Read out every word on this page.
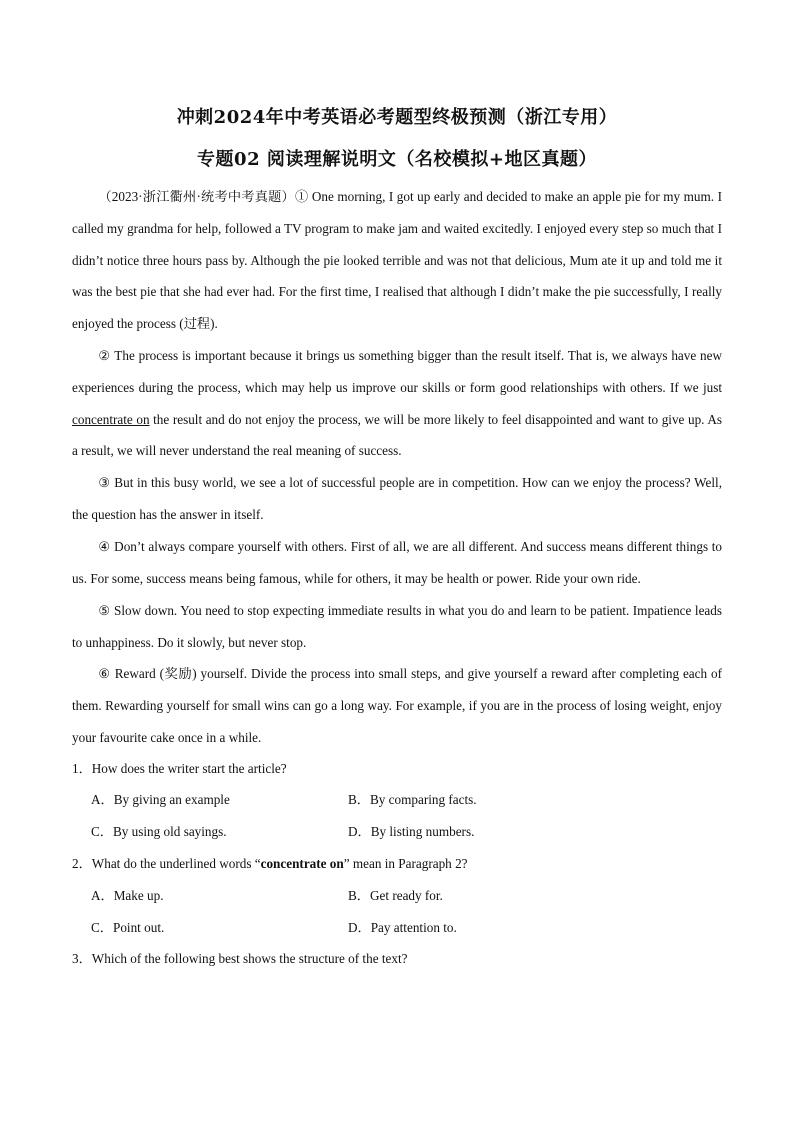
冲刺2024年中考英语必考题型终极预测（浙江专用）
专题02 阅读理解说明文（名校模拟+地区真题）

（2023·浙江衢州·统考中考真题）① One morning, I got up early and decided to make an apple pie for my mum. I called my grandma for help, followed a TV program to make jam and waited excitedly. I enjoyed every step so much that I didn’t notice three hours pass by. Although the pie looked terrible and was not that delicious, Mum ate it up and told me it was the best pie that she had ever had. For the first time, I realised that although I didn’t make the pie successfully, I really enjoyed the process (过程).

② The process is important because it brings us something bigger than the result itself. That is, we always have new experiences during the process, which may help us improve our skills or form good relationships with others. If we just concentrate on the result and do not enjoy the process, we will be more likely to feel disappointed and want to give up. As a result, we will never understand the real meaning of success.

③ But in this busy world, we see a lot of successful people are in competition. How can we enjoy the process? Well, the question has the answer in itself.

④ Don’t always compare yourself with others. First of all, we are all different. And success means different things to us. For some, success means being famous, while for others, it may be health or power. Ride your own ride.

⑤ Slow down. You need to stop expecting immediate results in what you do and learn to be patient. Impatience leads to unhappiness. Do it slowly, but never stop.

⑥ Reward (奖励) yourself. Divide the process into small steps, and give yourself a reward after completing each of them. Rewarding yourself for small wins can go a long way. For example, if you are in the process of losing weight, enjoy your favourite cake once in a while.

1．How does the writer start the article?

A．By giving an example	B．By comparing facts.

C．By using old sayings.	D．By listing numbers.

2．What do the underlined words “concentrate on” mean in Paragraph 2?

A．Make up.	B．Get ready for.

C．Point out.	D．Pay attention to.

3．Which of the following best shows the structure of the text?
